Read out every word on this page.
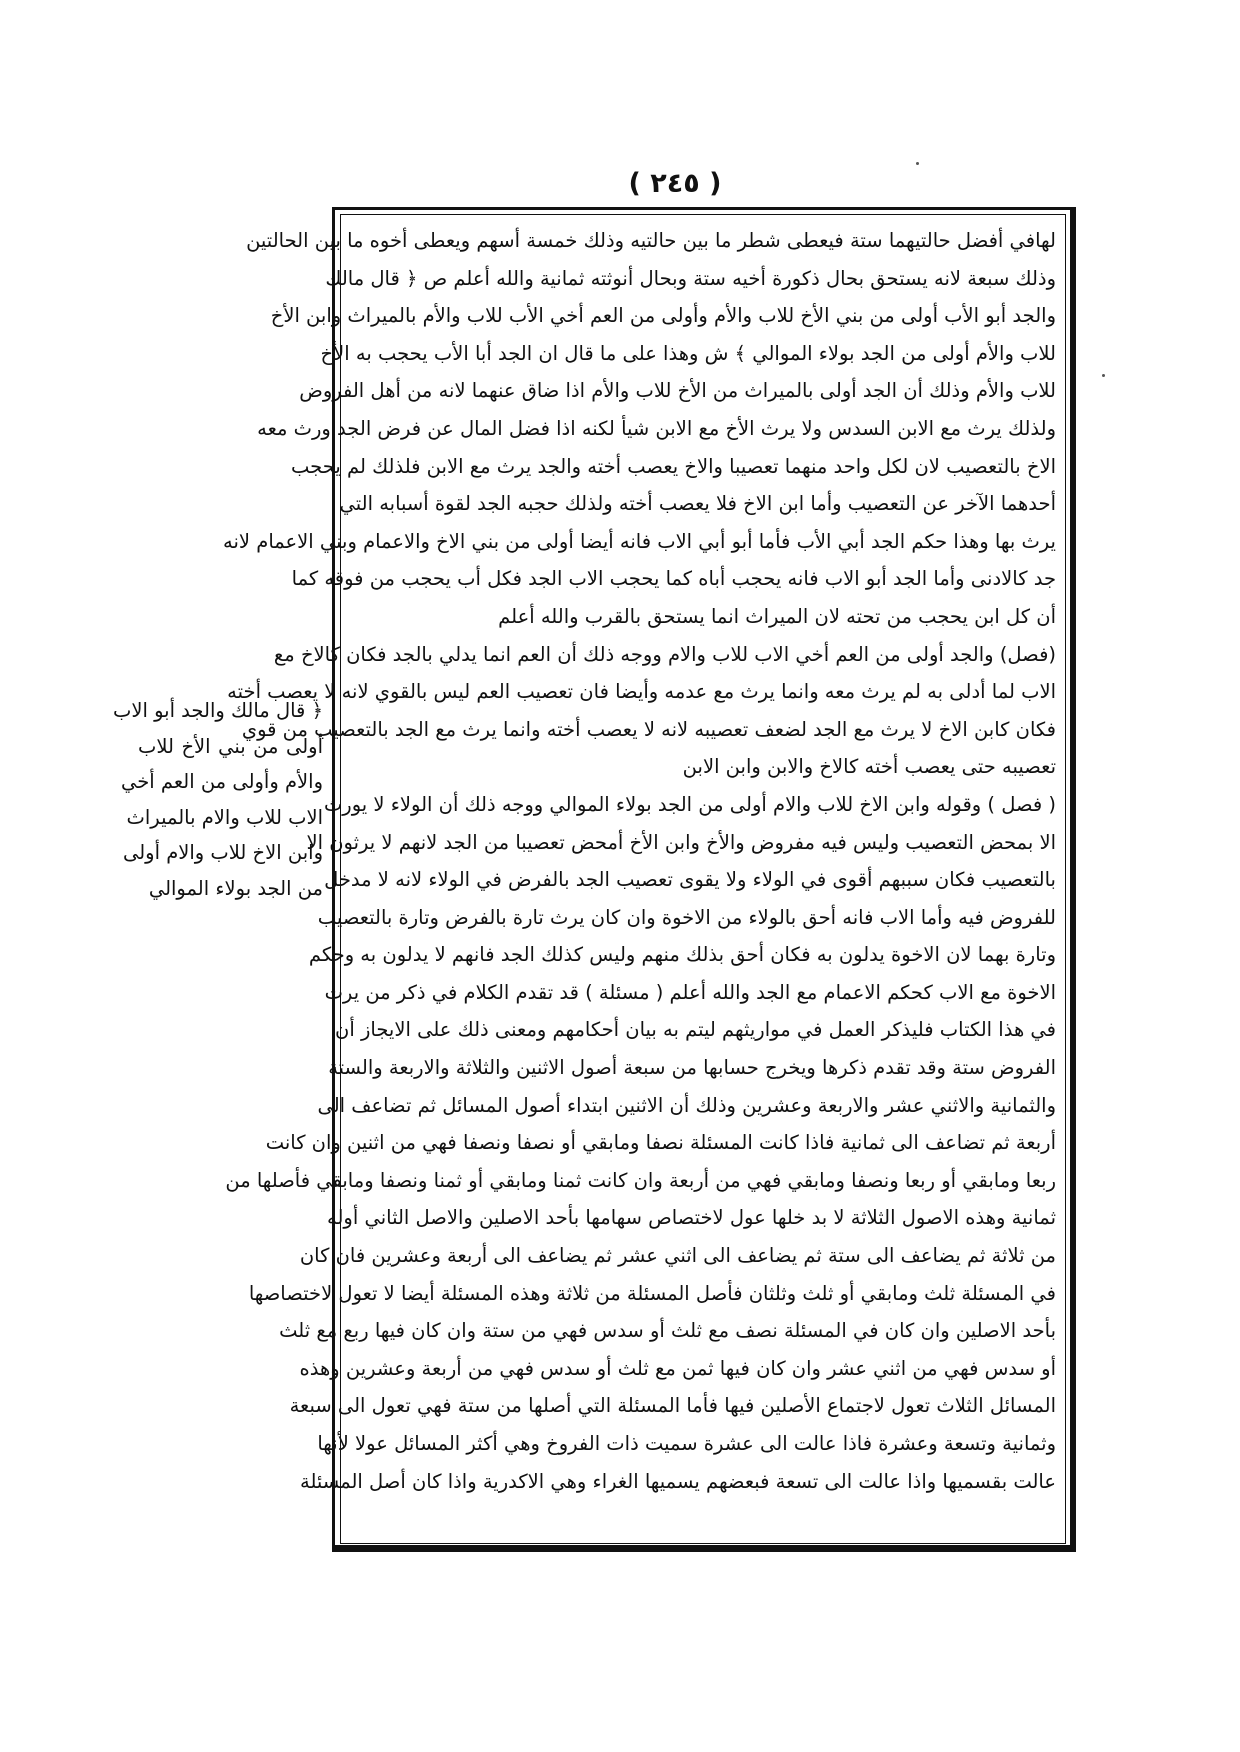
( ٢٤٥ )
لهافي أفضل حالتيهما ستة فيعطى شطر ما بين حالتيه وذلك خمسة أسهم ويعطى أخوه ما بين الحالتين
وذلك سبعة لانه يستحق بحال ذكورة أخيه ستة وبحال أنوثته ثمانية والله أعلم ص ﴿ قال مالك
والجد أبو الأب أولى من بني الأخ للاب والأم وأولى من العم أخي الأب للاب والأم بالميراث وابن الأخ
للاب والأم أولى من الجد بولاء الموالي ﴾ ش وهذا على ما قال ان الجد أبا الأب يحجب به الأخ
للاب والأم وذلك أن الجد أولى بالميراث من الأخ للاب والأم اذا ضاق عنهما لانه من أهل الفروض
ولذلك يرث مع الابن السدس ولا يرث الأخ مع الابن شيأ لكنه اذا فضل المال عن فرض الجد ورث معه
الاخ بالتعصيب لان لكل واحد منهما تعصيبا والاخ يعصب أخته والجد يرث مع الابن فلذلك لم يحجب
أحدهما الآخر عن التعصيب وأما ابن الاخ فلا يعصب أخته ولذلك حجبه الجد لقوة أسبابه التي
يرث بها وهذا حكم الجد أبي الأب فأما أبو أبي الاب فانه أيضا أولى من بني الاخ والاعمام وبني الاعمام لانه
جد كالادنى وأما الجد أبو الاب فانه يحجب أباه كما يحجب الاب الجد فكل أب يحجب من فوقه كما
أن كل ابن يحجب من تحته لان الميراث انما يستحق بالقرب والله أعلم
(فصل) والجد أولى من العم أخي الاب للاب والام ووجه ذلك أن العم انما يدلي بالجد فكان كالاخ مع
الاب لما أدلى به لم يرث معه وانما يرث مع عدمه وأيضا فان تعصيب العم ليس بالقوي لانه لا يعصب أخته
فكان كابن الاخ لا يرث مع الجد لضعف تعصيبه لانه لا يعصب أخته وانما يرث مع الجد بالتعصيب من قوي
تعصيبه حتى يعصب أخته كالاخ والابن وابن الابن
( فصل ) وقوله وابن الاخ للاب والام أولى من الجد بولاء الموالي ووجه ذلك أن الولاء لا يورث
الا بمحض التعصيب وليس فيه مفروض والأخ وابن الأخ أمحض تعصيبا من الجد لانهم لا يرثون الا
بالتعصيب فكان سببهم أقوى في الولاء ولا يقوى تعصيب الجد بالفرض في الولاء لانه لا مدخل
للفروض فيه وأما الاب فانه أحق بالولاء من الاخوة وان كان يرث تارة بالفرض وتارة بالتعصيب
وتارة بهما لان الاخوة يدلون به فكان أحق بذلك منهم وليس كذلك الجد فانهم لا يدلون به وحكم
الاخوة مع الاب كحكم الاعمام مع الجد والله أعلم ( مسئلة ) قد تقدم الكلام في ذكر من يرث
في هذا الكتاب فليذكر العمل في مواريثهم ليتم به بيان أحكامهم ومعنى ذلك على الايجاز أن
الفروض ستة وقد تقدم ذكرها ويخرج حسابها من سبعة أصول الاثنين والثلاثة والاربعة والستة
والثمانية والاثني عشر والاربعة وعشرين وذلك أن الاثنين ابتداء أصول المسائل ثم تضاعف الى
أربعة ثم تضاعف الى ثمانية فاذا كانت المسئلة نصفا ومابقي أو نصفا ونصفا فهي من اثنين وان كانت
ربعا ومابقي أو ربعا ونصفا ومابقي فهي من أربعة وان كانت ثمنا ومابقي أو ثمنا ونصفا ومابقي فأصلها من
ثمانية وهذه الاصول الثلاثة لا بد خلها عول لاختصاص سهامها بأحد الاصلين والاصل الثاني أوله
من ثلاثة ثم يضاعف الى ستة ثم يضاعف الى اثني عشر ثم يضاعف الى أربعة وعشرين فان كان
في المسئلة ثلث ومابقي أو ثلث وثلثان فأصل المسئلة من ثلاثة وهذه المسئلة أيضا لا تعول لاختصاصها
بأحد الاصلين وان كان في المسئلة نصف مع ثلث أو سدس فهي من ستة وان كان فيها ربع مع ثلث
أو سدس فهي من اثني عشر وان كان فيها ثمن مع ثلث أو سدس فهي من أربعة وعشرين وهذه
المسائل الثلاث تعول لاجتماع الأصلين فيها فأما المسئلة التي أصلها من ستة فهي تعول الى سبعة
وثمانية وتسعة وعشرة فاذا عالت الى عشرة سميت ذات الفروخ وهي أكثر المسائل عولا لأنها
عالت بقسميها واذا عالت الى تسعة فبعضهم يسميها الغراء وهي الاكدرية واذا كان أصل المسئلة
﴿ قال مالك والجد أبو الاب
أولى من بني الأخ للاب
والأم وأولى من العم أخي
الاب للاب والام بالميراث
وابن الاخ للاب والام أولى
من الجد بولاء الموالي
